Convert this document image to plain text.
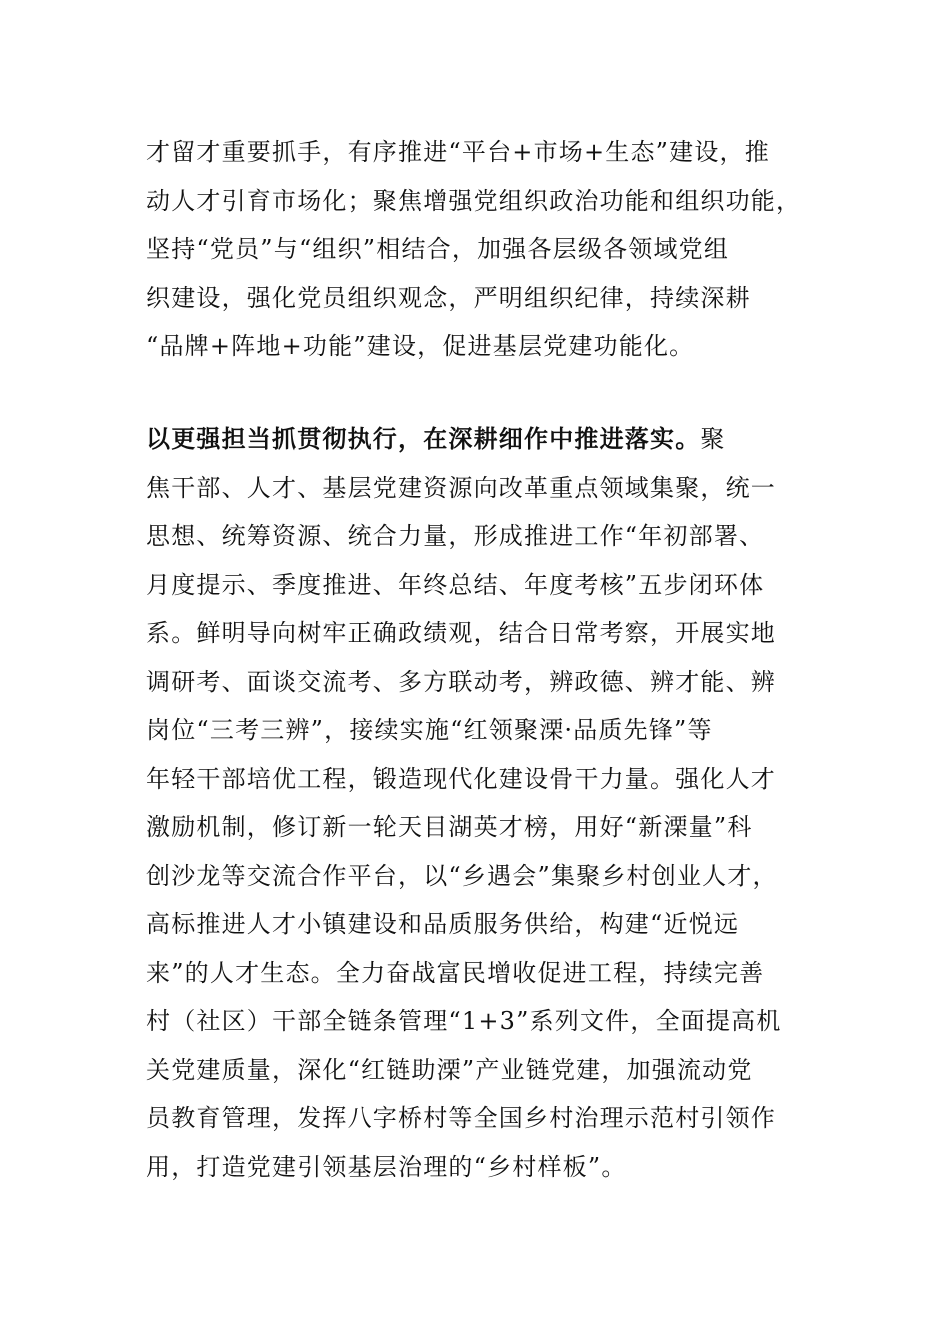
才留才重要抓手，有序推进“平台+市场+生态”建设，推
动人才引育市场化；聚焦增强党组织政治功能和组织功能，
坚持“党员”与“组织”相结合，加强各层级各领域党组
织建设，强化党员组织观念，严明组织纪律，持续深耕
“品牌+阵地+功能”建设，促进基层党建功能化。

以更强担当抓贯彻执行，在深耕细作中推进落实。聚
焦干部、人才、基层党建资源向改革重点领域集聚，统一
思想、统筹资源、统合力量，形成推进工作“年初部署、
月度提示、季度推进、年终总结、年度考核”五步闭环体
系。鲜明导向树牢正确政绩观，结合日常考察，开展实地
调研考、面谈交流考、多方联动考，辨政德、辨才能、辨
岗位“三考三辨”，接续实施“红领聚溧·品质先锋”等
年轻干部培优工程，锻造现代化建设骨干力量。强化人才
激励机制，修订新一轮天目湖英才榜，用好“新溧量”科
创沙龙等交流合作平台，以“乡遇会”集聚乡村创业人才，
高标推进人才小镇建设和品质服务供给，构建“近悦远
来”的人才生态。全力奋战富民增收促进工程，持续完善
村（社区）干部全链条管理“1+3”系列文件，全面提高机
关党建质量，深化“红链助溧”产业链党建，加强流动党
员教育管理，发挥八字桥村等全国乡村治理示范村引领作
用，打造党建引领基层治理的“乡村样板”。
